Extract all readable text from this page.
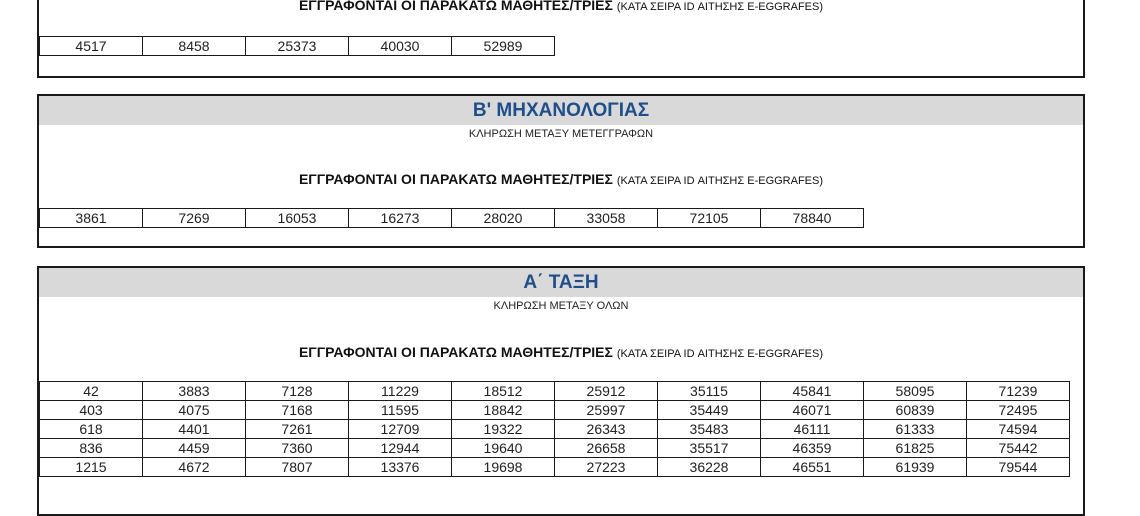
ΕΓΓΡΑΦΟΝΤΑΙ ΟΙ ΠΑΡΑΚΑΤΩ ΜΑΘΗΤΕΣ/ΤΡΙΕΣ (ΚΑΤΑ ΣΕΙΡΑ ID ΑΙΤΗΣΗΣ E-EGGRAFES)
4517	8458	25373	40030	52989
Β' ΜΗΧΑΝΟΛΟΓΙΑΣ
ΚΛΗΡΩΣΗ ΜΕΤΑΞΥ ΜΕΤΕΓΓΡΑΦΩΝ
ΕΓΓΡΑΦΟΝΤΑΙ ΟΙ ΠΑΡΑΚΑΤΩ ΜΑΘΗΤΕΣ/ΤΡΙΕΣ (ΚΑΤΑ ΣΕΙΡΑ ID ΑΙΤΗΣΗΣ E-EGGRAFES)
3861	7269	16053	16273	28020	33058	72105	78840
Α΄ ΤΑΞΗ
ΚΛΗΡΩΣΗ ΜΕΤΑΞΥ ΟΛΩΝ
ΕΓΓΡΑΦΟΝΤΑΙ ΟΙ ΠΑΡΑΚΑΤΩ ΜΑΘΗΤΕΣ/ΤΡΙΕΣ (ΚΑΤΑ ΣΕΙΡΑ ID ΑΙΤΗΣΗΣ E-EGGRAFES)
42	3883	7128	11229	18512	25912	35115	45841	58095	71239
403	4075	7168	11595	18842	25997	35449	46071	60839	72495
618	4401	7261	12709	19322	26343	35483	46111	61333	74594
836	4459	7360	12944	19640	26658	35517	46359	61825	75442
1215	4672	7807	13376	19698	27223	36228	46551	61939	79544
